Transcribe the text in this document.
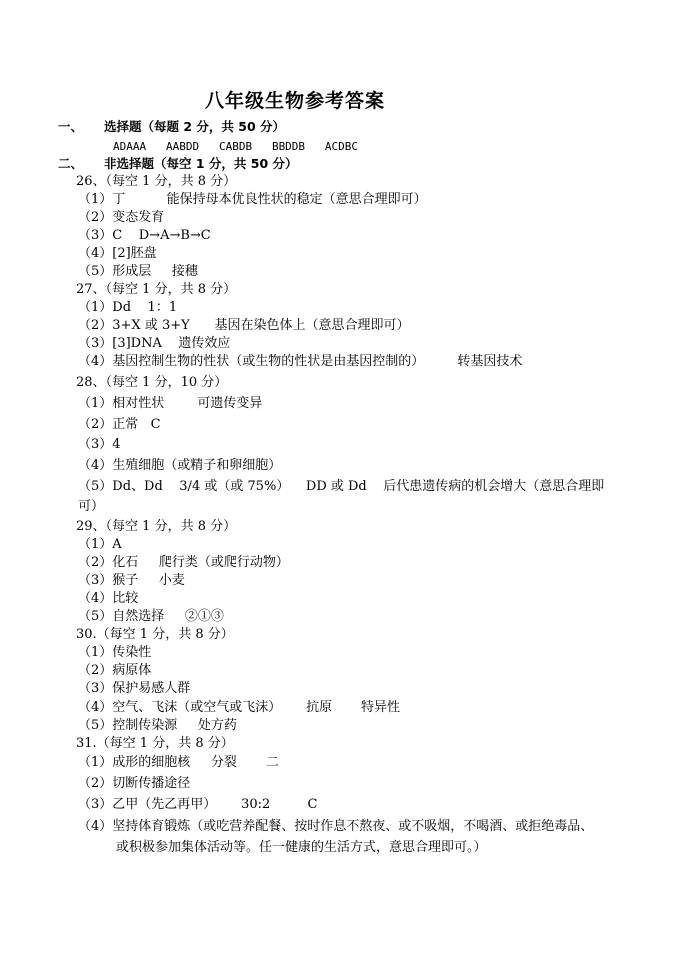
八年级生物参考答案
一、 选择题（每题 2 分，共 50 分）
ADAAA   AABDD   CABDB   BBDDB   ACDBC
二、 非选择题（每空 1 分，共 50 分）
26、（每空 1 分，共 8 分）
（1）丁          能保持母本优良性状的稳定（意思合理即可）
（2）变态发育
（3）C    D→A→B→C
（4）[2]胚盘
（5）形成层     接穗
27、（每空 1 分，共 8 分）
（1）Dd    1：1
（2）3+X 或 3+Y      基因在染色体上（意思合理即可）
（3）[3]DNA    遗传效应
（4）基因控制生物的性状（或生物的性状是由基因控制的）        转基因技术
28、（每空 1 分，10 分）
（1）相对性状        可遗传变异
（2）正常   C
（3）4
（4）生殖细胞（或精子和卵细胞）
（5）Dd、Dd    3/4 或（或 75%）    DD 或 Dd    后代患遗传病的机会增大（意思合理即
可）
29、（每空 1 分，共 8 分）
（1）A
（2）化石     爬行类（或爬行动物）
（3）猴子     小麦
（4）比较
（5）自然选择     ②①③
30.（每空 1 分，共 8 分）
（1）传染性
（2）病原体
（3）保护易感人群
（4）空气、飞沫（或空气或飞沫）      抗原       特异性
（5）控制传染源     处方药
31.（每空 1 分，共 8 分）
（1）成形的细胞核     分裂       二
（2）切断传播途径
（3）乙甲（先乙再甲）      30:2         C
（4）坚持体育锻炼（或吃营养配餐、按时作息不熬夜、或不吸烟，不喝酒、或拒绝毒品、
或积极参加集体活动等。任一健康的生活方式，意思合理即可。）
